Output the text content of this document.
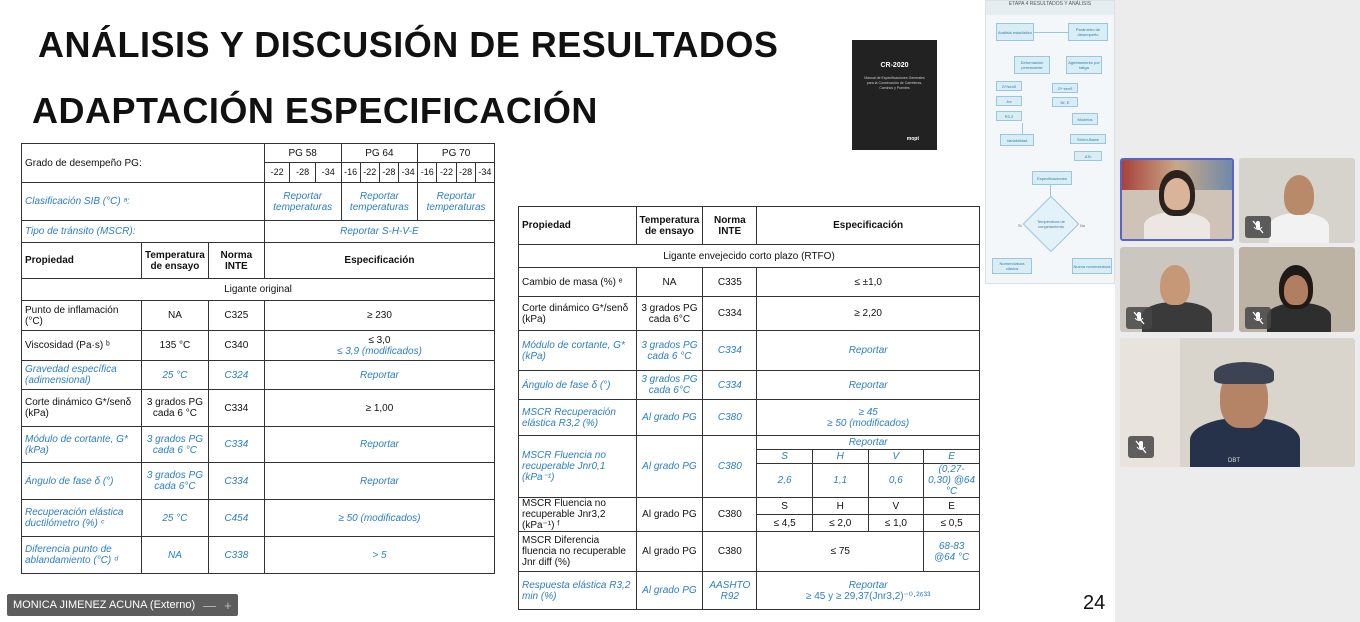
ANÁLISIS Y DISCUSIÓN DE RESULTADOS
ADAPTACIÓN ESPECIFICACIÓN
CR-2020
Manual de Especificaciones Generales para la Construcción de Carreteras, Caminos y Puentes
mopt
ETAPA 4 RESULTADOS Y ANÁLISIS
Análisis estadístico	Parámetro de desempeño
Deformación permanente
Agrietamiento por fatiga
G*/senδ
Jnr
R3.2
G*·senδ
Nf, E
Modelos
Variabilidad	Ström-Bawe
ΔTc
Especificaciones
Temperatura de congelamiento
Si	No
Nomenclatura clásica	Nueva nomenclatura
Grado de desempeño PG:			PG 58			PG 64				PG 70			
			-22	-28	-34	-16	-22	-28	-34	-16	-22	-28	-34
Clasificación SIB (°C) ᵃ:			Reportar temperaturas			Reportar temperaturas				Reportar temperaturas			
Tipo de tránsito (MSCR):			Reportar S-H-V-E										
Propiedad	Temperatura de ensayo	Norma INTE	Especificación										
Ligante original													
Punto de inflamación (°C)	NA	C325	≥ 230										
Viscosidad (Pa·s) ᵇ	135 °C	C340	≤ 3,0
≤ 3,9 (modificados)										

Gravedad específica (adimensional)	25 °C	C324	Reportar										
Corte dinámico G*/senδ (kPa)	3 grados PG cada 6 °C	C334	≥ 1,00										
Módulo de cortante, G* (kPa)	3 grados PG cada 6 °C	C334	Reportar										
Ángulo de fase δ (°)	3 grados PG cada 6°C	C334	Reportar										
Recuperación elástica ductilómetro (%) ᶜ	25 °C	C454	≥ 50 (modificados)										
Diferencia punto de ablandamiento (°C) ᵈ	NA	C338	> 5										
Propiedad	Temperatura de ensayo	Norma INTE	Especificación			
Ligante envejecido corto plazo (RTFO)						
Cambio de masa (%) ᵉ	NA	C335	≤ ±1,0			
Corte dinámico G*/senδ (kPa)	3 grados PG cada 6°C	C334	≥ 2,20			
Módulo de cortante, G* (kPa)	3 grados PG cada 6 °C	C334	Reportar			
Ángulo de fase δ (°)	3 grados PG cada 6°C	C334	Reportar			
MSCR Recuperación elástica R3,2 (%)	Al grado PG	C380	≥ 45
≥ 50 (modificados)			

MSCR Fluencia no recuperable Jnr0,1 (kPa⁻¹)	Al grado PG	C380	Reportar			
			S	H	V	E
			2,6	1,1	0,6	(0,27-0,30) @64 °C
MSCR Fluencia no recuperable Jnr3,2 (kPa⁻¹) ᶠ	Al grado PG	C380	S	H	V	E
			≤ 4,5	≤ 2,0	≤ 1,0	≤ 0,5
MSCR Diferencia fluencia no recuperable Jnr diff (%)	Al grado PG	C380	≤ 75			68-83 @64 °C
Respuesta elástica R3,2 min (%)	Al grado PG	AASHTO R92	Reportar
≥ 45 y ≥ 29,37(Jnr3,2)⁻⁰·²⁶³³				24
MONICA JIMENEZ ACUNA (Externo) — +
DBT
